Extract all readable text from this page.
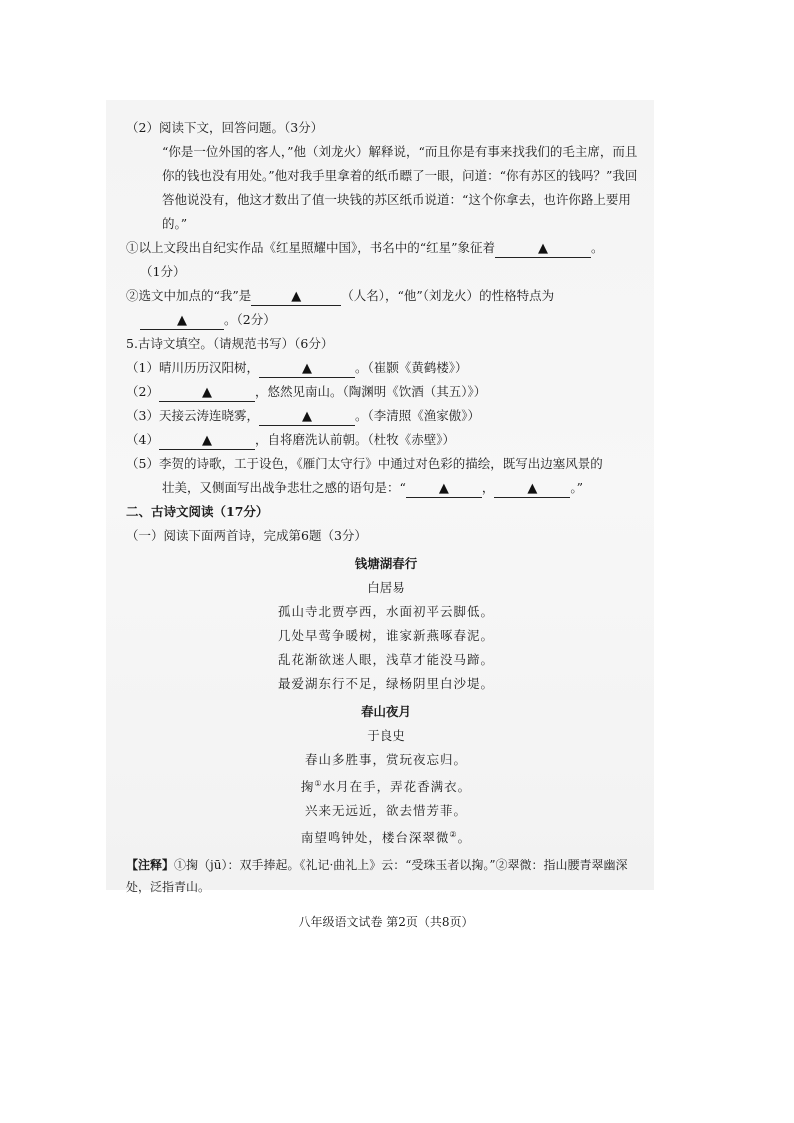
（2）阅读下文，回答问题。（3分）
“你是一位外国的客人，”他（刘龙火）解释说，“而且你是有事来找我们的毛主席，而且你的钱也没有用处。”他对我手里拿着的纸币瞟了一眼，问道：“你有苏区的钱吗？”我回答他说没有，他这才数出了值一块钱的苏区纸币说道：“这个你拿去，也许你路上要用的。”
①以上文段出自纪实作品《红星照耀中国》，书名中的“红星”象征着	▲	。
（1分）
②选文中加点的“我”是	▲	（人名），“他”（刘龙火）的性格特点为
▲	。（2分）
5.古诗文填空。（请规范书写）（6分）
（1）晴川历历汉阳树，	▲	。（崔颢《黄鹤楼》）
（2）	▲	，悠然见南山。（陶渊明《饮酒（其五）》）
（3）天接云涛连晓雾，	▲	。（李清照《渔家傲》）
（4）	▲	，自将磨洗认前朝。（杜牧《赤壁》）
（5）李贺的诗歌，工于设色，《雁门太守行》中通过对色彩的描绘，既写出边塞风景的
壮美，又侧面写出战争悲壮之感的语句是：“	▲	，	▲	。”
二、古诗文阅读（17分）
（一）阅读下面两首诗，完成第6题（3分）
钱塘湖春行
白居易
孤山寺北贾亭西，水面初平云脚低。
几处早莺争暖树，谁家新燕啄春泥。
乱花渐欲迷人眼，浅草才能没马蹄。
最爱湖东行不足，绿杨阴里白沙堤。
春山夜月
于良史
春山多胜事，赏玩夜忘归。
掬①水月在手，弄花香满衣。
兴来无远近，欲去惜芳菲。
南望鸣钟处，楼台深翠微②。
【注释】①掬（jū）：双手捧起。《礼记·曲礼上》云：“受珠玉者以掬。”②翠微：指山腰青翠幽深处，泛指青山。
八年级语文试卷 第2页（共8页）
